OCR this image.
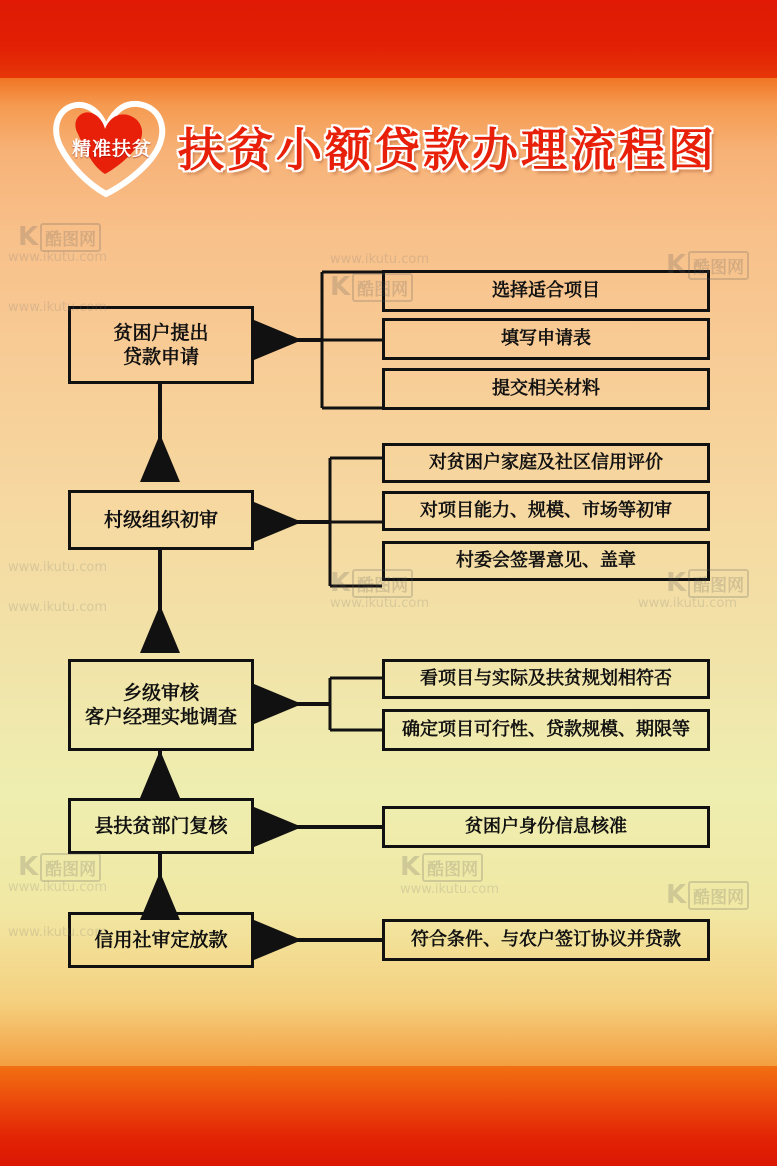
精准扶贫 扶贫小额贷款办理流程图
贫困户提出
贷款申请
选择适合项目
填写申请表
提交相关材料
村级组织初审
对贫困户家庭及社区信用评价
对项目能力、规模、市场等初审
村委会签署意见、盖章
乡级审核
客户经理实地调查
看项目与实际及扶贫规划相符否
确定项目可行性、贷款规模、期限等
县扶贫部门复核	贫困户身份信息核准
信用社审定放款	符合条件、与农户签订协议并贷款
www.ikutu.com
www.ikutu.com
www.ikutu.com
www.ikutu.com
www.ikutu.com
www.ikutu.com
www.ikutu.com
www.ikutu.com
www.ikutu.com
www.ikutu.com
K 酷图网
K 酷图网
K 酷图网
K 酷图网
K 酷图网
K 酷图网	K 酷图网
K 酷图网
